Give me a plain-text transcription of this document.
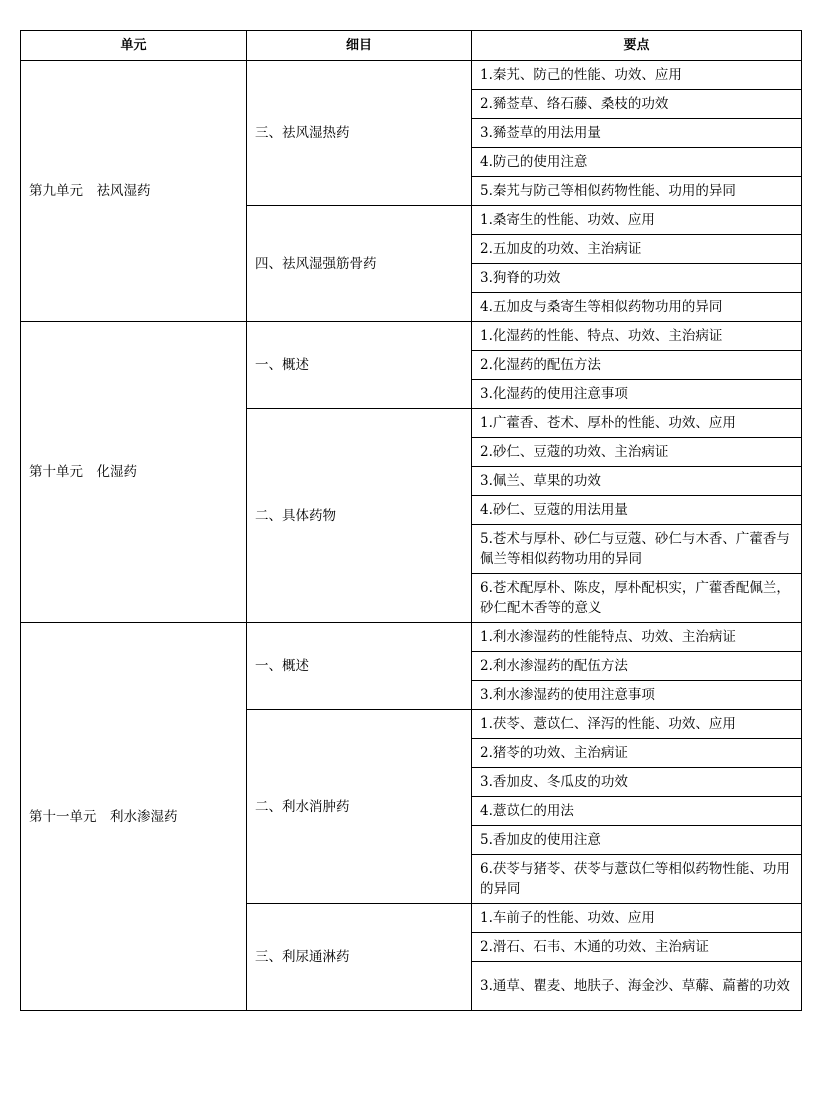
单元	细目	要点
第九单元　祛风湿药	三、祛风湿热药	1.秦艽、防己的性能、功效、应用
		2.豨莶草、络石藤、桑枝的功效
		3.豨莶草的用法用量
		4.防己的使用注意
		5.秦艽与防己等相似药物性能、功用的异同
	四、祛风湿强筋骨药	1.桑寄生的性能、功效、应用
		2.五加皮的功效、主治病证
		3.狗脊的功效
		4.五加皮与桑寄生等相似药物功用的异同
第十单元　化湿药	一、概述	1.化湿药的性能、特点、功效、主治病证
		2.化湿药的配伍方法
		3.化湿药的使用注意事项
	二、具体药物	1.广藿香、苍术、厚朴的性能、功效、应用
		2.砂仁、豆蔻的功效、主治病证
		3.佩兰、草果的功效
		4.砂仁、豆蔻的用法用量
		5.苍术与厚朴、砂仁与豆蔻、砂仁与木香、广藿香与佩兰等相似药物功用的异同
		6.苍术配厚朴、陈皮，厚朴配枳实，广藿香配佩兰，砂仁配木香等的意义
第十一单元　利水渗湿药	一、概述	1.利水渗湿药的性能特点、功效、主治病证
		2.利水渗湿药的配伍方法
		3.利水渗湿药的使用注意事项
	二、利水消肿药	1.茯苓、薏苡仁、泽泻的性能、功效、应用
		2.猪苓的功效、主治病证
		3.香加皮、冬瓜皮的功效
		4.薏苡仁的用法
		5.香加皮的使用注意
		6.茯苓与猪苓、茯苓与薏苡仁等相似药物性能、功用的异同
	三、利尿通淋药	1.车前子的性能、功效、应用
		2.滑石、石韦、木通的功效、主治病证
		3.通草、瞿麦、地肤子、海金沙、草薢、萹蓄的功效
